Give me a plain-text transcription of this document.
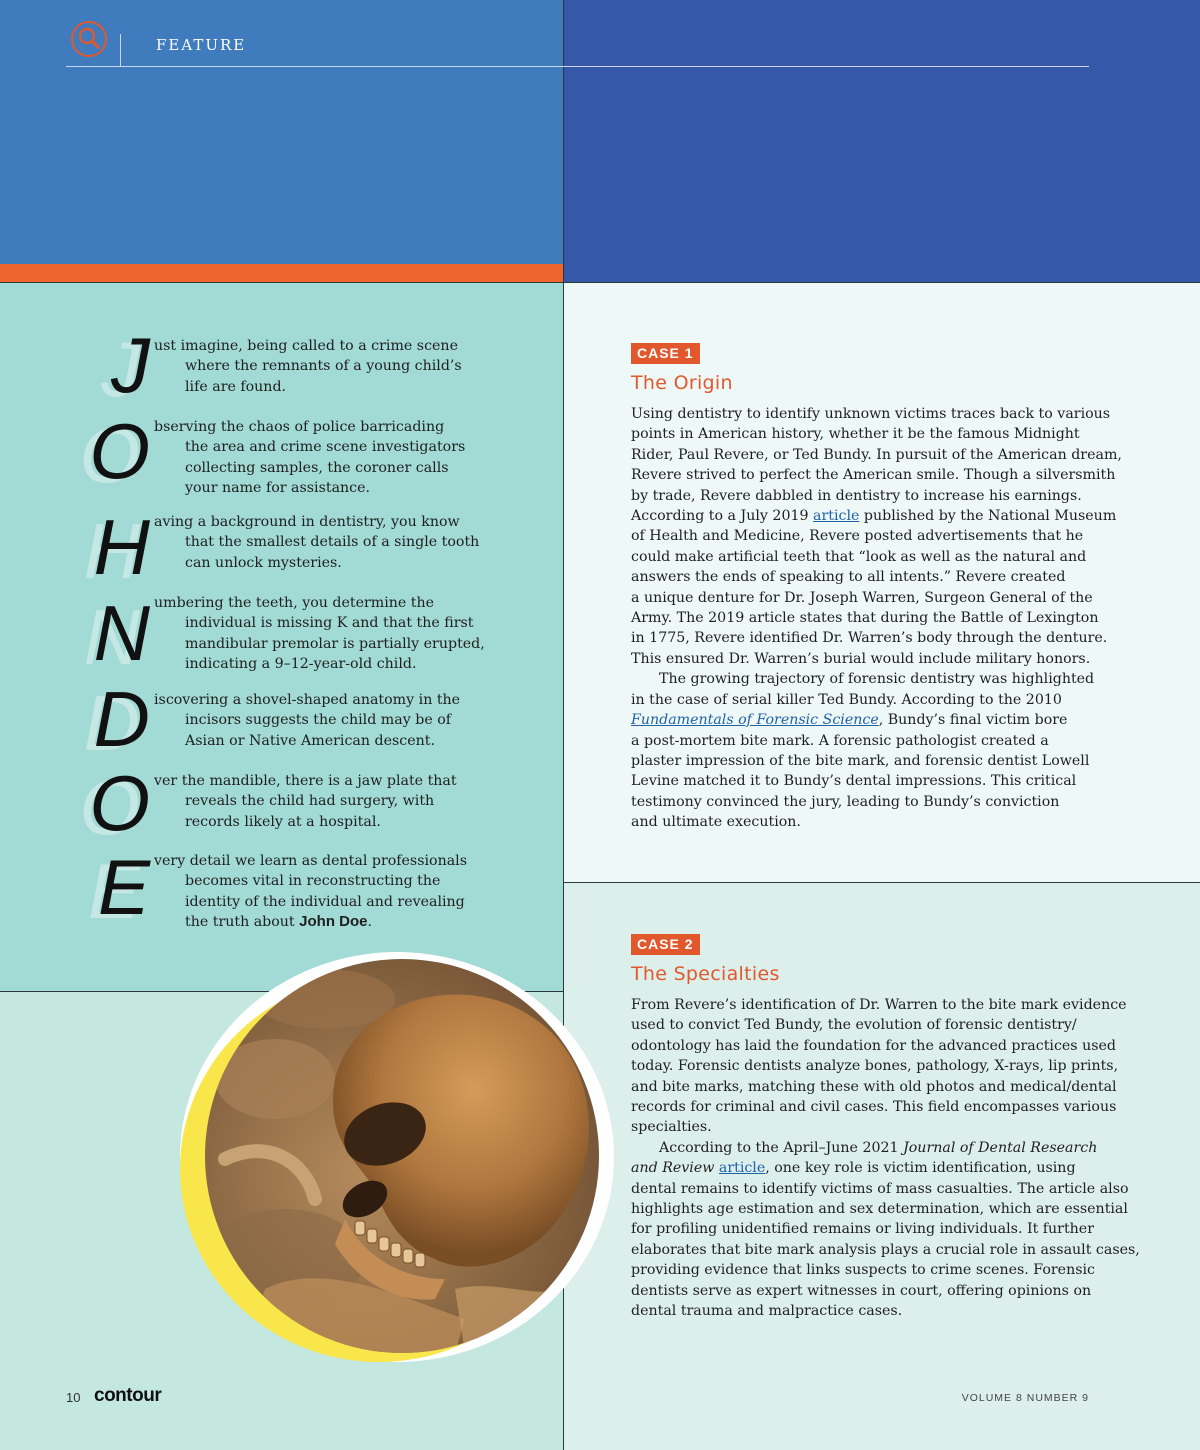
FEATURE
J ust imagine, being called to a crime scene
where the remnants of a young child’s
life are found.
O bserving the chaos of police barricading
the area and crime scene investigators
collecting samples, the coroner calls
your name for assistance.
H aving a background in dentistry, you know
that the smallest details of a single tooth
can unlock mysteries.
N umbering the teeth, you determine the
individual is missing K and that the first
mandibular premolar is partially erupted,
indicating a 9–12-year-old child.
D iscovering a shovel-shaped anatomy in the
incisors suggests the child may be of
Asian or Native American descent.
O ver the mandible, there is a jaw plate that
reveals the child had surgery, with
records likely at a hospital.
E very detail we learn as dental professionals
becomes vital in reconstructing the
identity of the individual and revealing
the truth about John Doe.
CASE 1
The Origin
Using dentistry to identify unknown victims traces back to various
points in American history, whether it be the famous Midnight
Rider, Paul Revere, or Ted Bundy. In pursuit of the American dream,
Revere strived to perfect the American smile. Though a silversmith
by trade, Revere dabbled in dentistry to increase his earnings.
According to a July 2019 article published by the National Museum
of Health and Medicine, Revere posted advertisements that he
could make artificial teeth that “look as well as the natural and
answers the ends of speaking to all intents.” Revere created
a unique denture for Dr. Joseph Warren, Surgeon General of the
Army. The 2019 article states that during the Battle of Lexington
in 1775, Revere identified Dr. Warren’s body through the denture.
This ensured Dr. Warren’s burial would include military honors.
The growing trajectory of forensic dentistry was highlighted
in the case of serial killer Ted Bundy. According to the 2010
Fundamentals of Forensic Science, Bundy’s final victim bore
a post-mortem bite mark. A forensic pathologist created a
plaster impression of the bite mark, and forensic dentist Lowell
Levine matched it to Bundy’s dental impressions. This critical
testimony convinced the jury, leading to Bundy’s conviction
and ultimate execution.
CASE 2
The Specialties
From Revere’s identification of Dr. Warren to the bite mark evidence
used to convict Ted Bundy, the evolution of forensic dentistry/
odontology has laid the foundation for the advanced practices used
today. Forensic dentists analyze bones, pathology, X-rays, lip prints,
and bite marks, matching these with old photos and medical/dental
records for criminal and civil cases. This field encompasses various
specialties.
According to the April–June 2021 Journal of Dental Research
and Review article, one key role is victim identification, using
dental remains to identify victims of mass casualties. The article also
highlights age estimation and sex determination, which are essential
for profiling unidentified remains or living individuals. It further
elaborates that bite mark analysis plays a crucial role in assault cases,
providing evidence that links suspects to crime scenes. Forensic
dentists serve as expert witnesses in court, offering opinions on
dental trauma and malpractice cases.
10 contour	VOLUME 8 NUMBER 9
